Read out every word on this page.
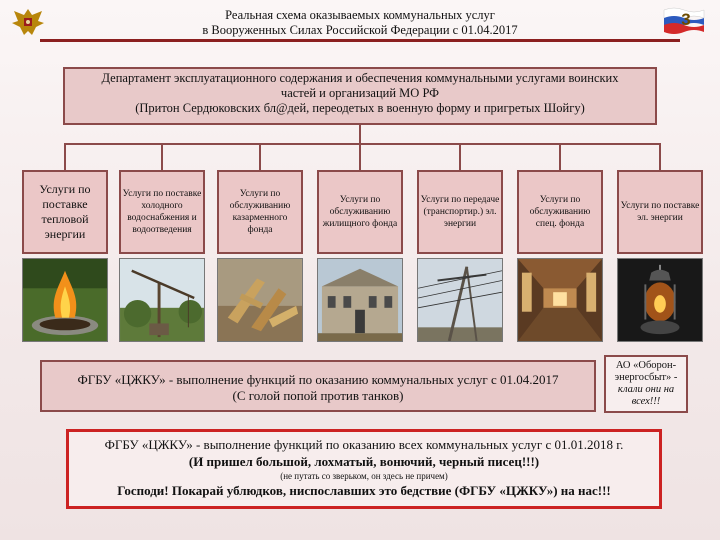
Реальная схема оказываемых коммунальных услуг
в Вооруженных Силах Российской Федерации с 01.04.2017
3
Департамент эксплуатационного содержания и обеспечения коммунальными услугами воинских
частей и организаций МО РФ
(Притон Сердюковских бл@дей, переодетых в военную форму и пригретых Шойгу)
Услуги по поставке тепловой энергии
Услуги по поставке холодного водоснабжения и водоотведения
Услуги по обслуживанию казарменного фонда
Услуги по обслуживанию жилищного фонда
Услуги по передаче (транспортир.) эл. энергии
Услуги по обслуживанию спец. фонда
Услуги по поставке эл. энергии
ФГБУ «ЦЖКУ» - выполнение функций по оказанию коммунальных услуг с 01.04.2017
(С голой попой против танков)
АО «Оборон-
энергосбыт» -
клали они на
всех!!!
ФГБУ «ЦЖКУ» - выполнение функций по оказанию всех коммунальных услуг с 01.01.2018 г.
(И пришел большой, лохматый, вонючий, черный писец!!!)
(не путать со зверьком, он здесь не причем)
Господи! Покарай ублюдков, ниспославших это бедствие (ФГБУ «ЦЖКУ») на нас!!!
